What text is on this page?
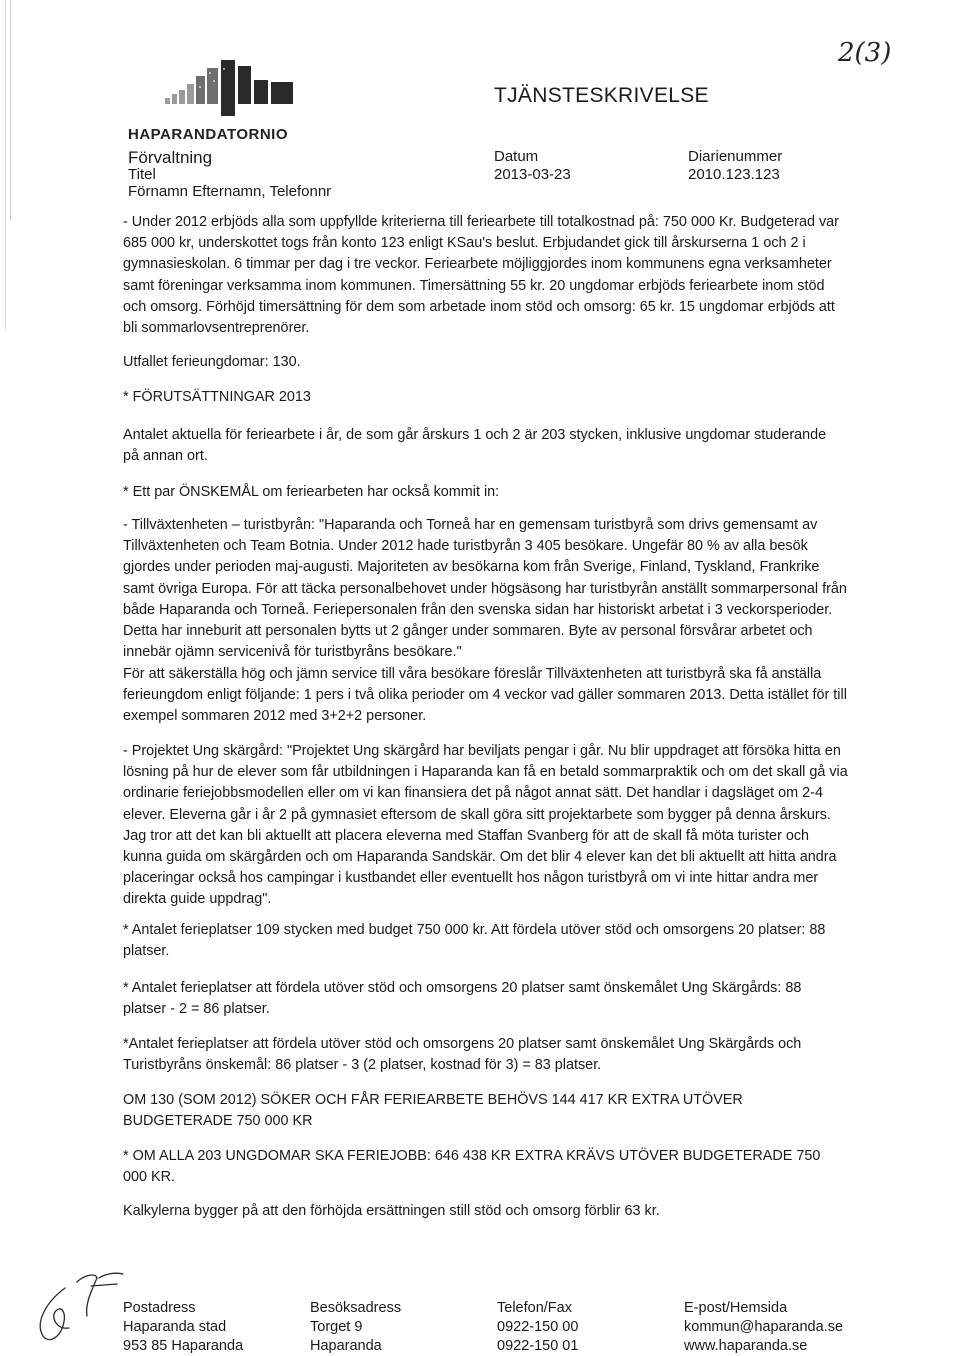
HAPARANDATORNIO
2(3)
TJÄNSTESKRIVELSE
Förvaltning
Titel
Förnamn Efternamn, Telefonnr
Datum
2013-03-23
Diarienummer
2010.123.123

- Under 2012 erbjöds alla som uppfyllde kriterierna till feriearbete till totalkostnad på: 750 000 Kr. Budgeterad var

685 000 kr, underskottet togs från konto 123 enligt KSau's beslut. Erbjudandet gick till årskurserna 1 och 2 i

gymnasieskolan. 6 timmar per dag i tre veckor. Feriearbete möjliggjordes inom kommunens egna verksamheter

samt föreningar verksamma inom kommunen. Timersättning 55 kr. 20 ungdomar erbjöds feriearbete inom stöd

och omsorg. Förhöjd timersättning för dem som arbetade inom stöd och omsorg: 65 kr. 15 ungdomar erbjöds att

bli sommarlovsentreprenörer.

Utfallet ferieungdomar: 130.

* FÖRUTSÄTTNINGAR 2013

Antalet aktuella för feriearbete i år, de som går årskurs 1 och 2 är 203 stycken, inklusive ungdomar studerande

på annan ort.

* Ett par ÖNSKEMÅL om feriearbeten har också kommit in:

- Tillväxtenheten – turistbyrån: "Haparanda och Torneå har en gemensam turistbyrå som drivs gemensamt av

Tillväxtenheten och Team Botnia. Under 2012 hade turistbyrån 3 405 besökare. Ungefär 80 % av alla besök

gjordes under perioden maj-augusti. Majoriteten av besökarna kom från Sverige, Finland, Tyskland, Frankrike

samt övriga Europa. För att täcka personalbehovet under högsäsong har turistbyrån anställt sommarpersonal från

både Haparanda och Torneå. Feriepersonalen från den svenska sidan har historiskt arbetat i 3 veckorsperioder.

Detta har inneburit att personalen bytts ut 2 gånger under sommaren. Byte av personal försvårar arbetet och

innebär ojämn servicenivå för turistbyråns besökare."

För att säkerställa hög och jämn service till våra besökare föreslår Tillväxtenheten att turistbyrå ska få anställa

ferieungdom enligt följande: 1 pers i två olika perioder om 4 veckor vad gäller sommaren 2013. Detta istället för till

exempel sommaren 2012 med 3+2+2 personer.

- Projektet Ung skärgård: "Projektet Ung skärgård har beviljats pengar i går. Nu blir uppdraget att försöka hitta en

lösning på hur de elever som får utbildningen i Haparanda kan få en betald sommarpraktik och om det skall gå via

ordinarie feriejobbsmodellen eller om vi kan finansiera det på något annat sätt. Det handlar i dagsläget om 2-4

elever. Eleverna går i år 2 på gymnasiet eftersom de skall göra sitt projektarbete som bygger på denna årskurs.

Jag tror att det kan bli aktuellt att placera eleverna med Staffan Svanberg för att de skall få möta turister och

kunna guida om skärgården och om Haparanda Sandskär. Om det blir 4 elever kan det bli aktuellt att hitta andra

placeringar också hos campingar i kustbandet eller eventuellt hos någon turistbyrå om vi inte hittar andra mer

direkta guide uppdrag".

* Antalet ferieplatser 109 stycken med budget 750 000 kr. Att fördela utöver stöd och omsorgens 20 platser: 88

platser.

* Antalet ferieplatser att fördela utöver stöd och omsorgens 20 platser samt önskemålet Ung Skärgårds: 88

platser - 2 = 86 platser.

*Antalet ferieplatser att fördela utöver stöd och omsorgens 20 platser samt önskemålet Ung Skärgårds och

Turistbyråns önskemål: 86 platser - 3 (2 platser, kostnad för 3) = 83 platser.

OM 130 (SOM 2012) SÖKER OCH FÅR FERIEARBETE BEHÖVS 144 417 KR EXTRA UTÖVER

BUDGETERADE 750 000 KR

* OM ALLA 203 UNGDOMAR SKA FERIEJOBB: 646 438 KR EXTRA KRÄVS UTÖVER BUDGETERADE 750

000 KR.

Kalkylerna bygger på att den förhöjda ersättningen still stöd och omsorg förblir 63 kr.

Postadress
Haparanda stad
953 85 Haparanda
Besöksadress
Torget 9
Haparanda
Telefon/Fax
0922-150 00
0922-150 01
E-post/Hemsida
kommun@haparanda.se
www.haparanda.se
